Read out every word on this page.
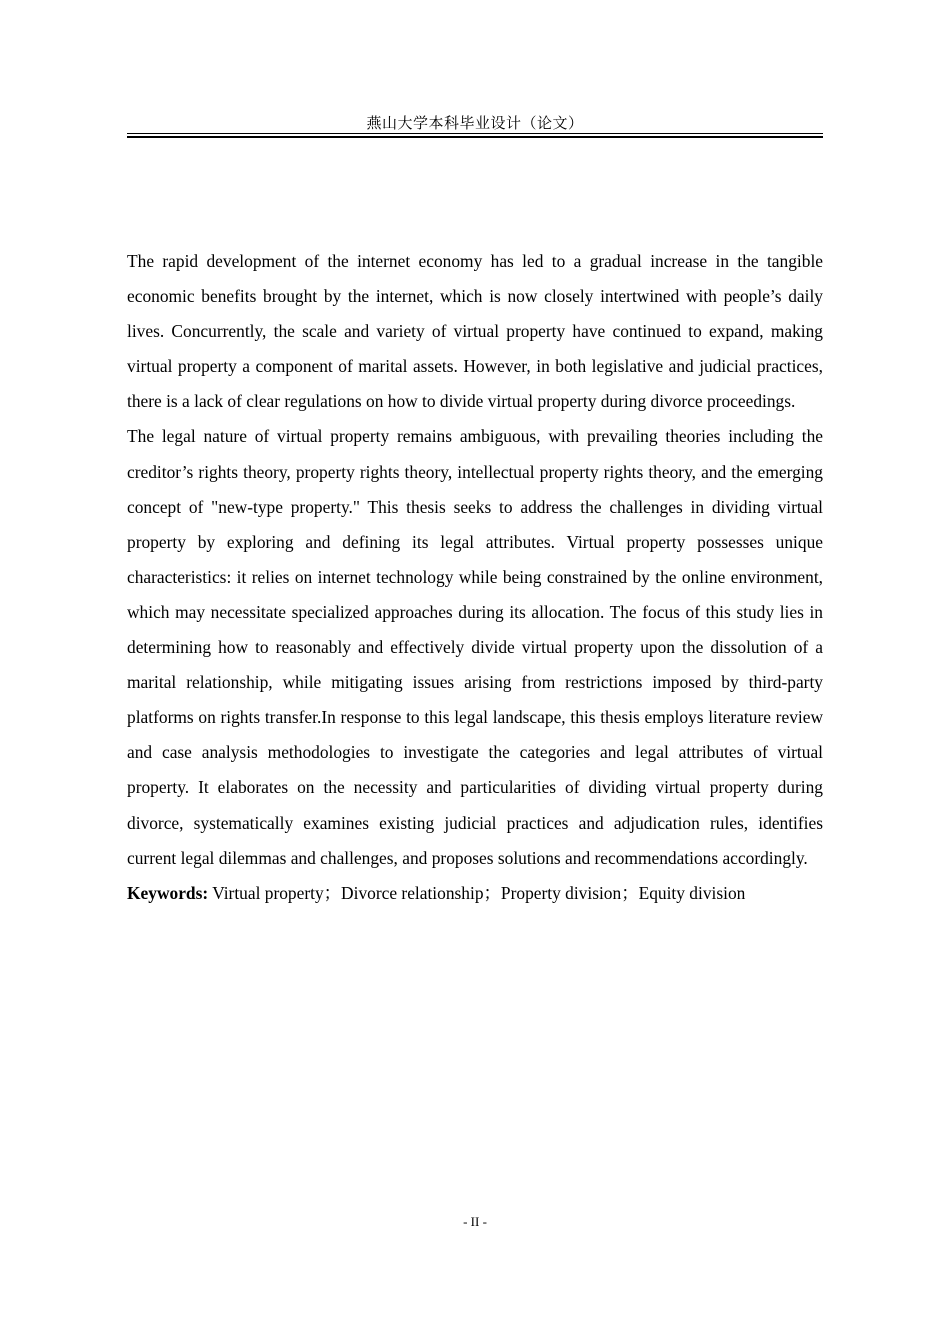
燕山大学本科毕业设计（论文）

The rapid development of the internet economy has led to a gradual increase in the tangible economic benefits brought by the internet, which is now closely intertwined with people’s daily lives. Concurrently, the scale and variety of virtual property have continued to expand, making virtual property a component of marital assets. However, in both legislative and judicial practices, there is a lack of clear regulations on how to divide virtual property during divorce proceedings.

The legal nature of virtual property remains ambiguous, with prevailing theories including the creditor’s rights theory, property rights theory, intellectual property rights theory, and the emerging concept of "new-type property." This thesis seeks to address the challenges in dividing virtual property by exploring and defining its legal attributes. Virtual property possesses unique characteristics: it relies on internet technology while being constrained by the online environment, which may necessitate specialized approaches during its allocation. The focus of this study lies in determining how to reasonably and effectively divide virtual property upon the dissolution of a marital relationship, while mitigating issues arising from restrictions imposed by third-party platforms on rights transfer.In response to this legal landscape, this thesis employs literature review and case analysis methodologies to investigate the categories and legal attributes of virtual property. It elaborates on the necessity and particularities of dividing virtual property during divorce, systematically examines existing judicial practices and adjudication rules, identifies current legal dilemmas and challenges, and proposes solutions and recommendations accordingly.

Keywords: Virtual property；Divorce relationship；Property division；Equity division

- II -
